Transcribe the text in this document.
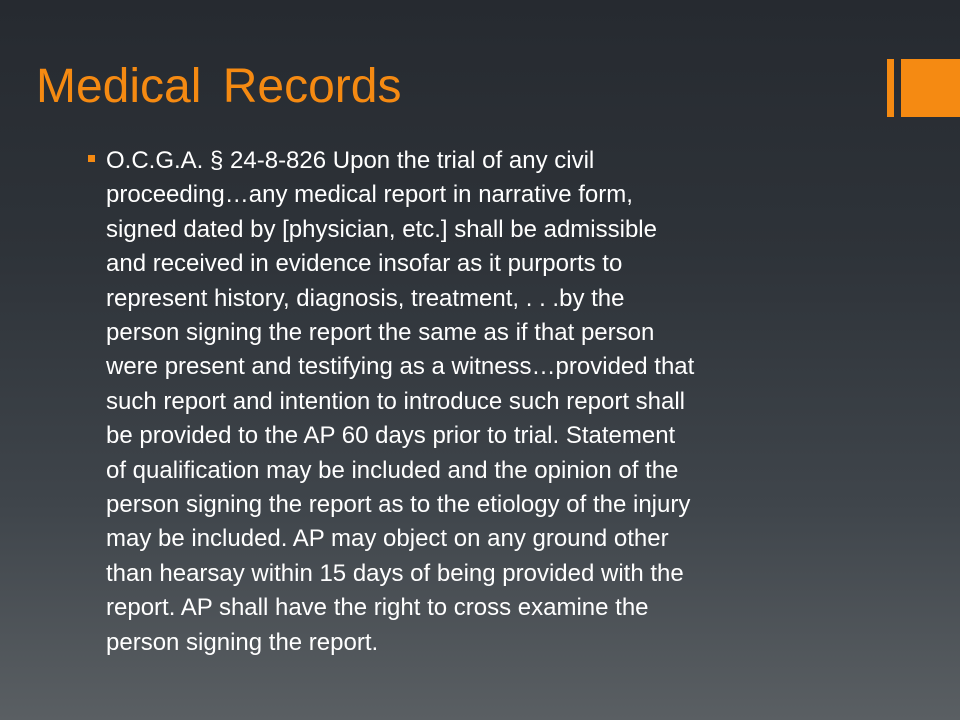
Medical Records
O.C.G.A. § 24-8-826 Upon the trial of any civil
proceeding…any medical report in narrative form,
signed dated by [physician, etc.] shall be admissible
and received in evidence insofar as it purports to
represent history, diagnosis, treatment, . . .by the
person signing the report the same as if that person
were present and testifying as a witness…provided that
such report and intention to introduce such report shall
be provided to the AP 60 days prior to trial. Statement
of qualification may be included and the opinion of the
person signing the report as to the etiology of the injury
may be included. AP may object on any ground other
than hearsay within 15 days of being provided with the
report. AP shall have the right to cross examine the
person signing the report.
